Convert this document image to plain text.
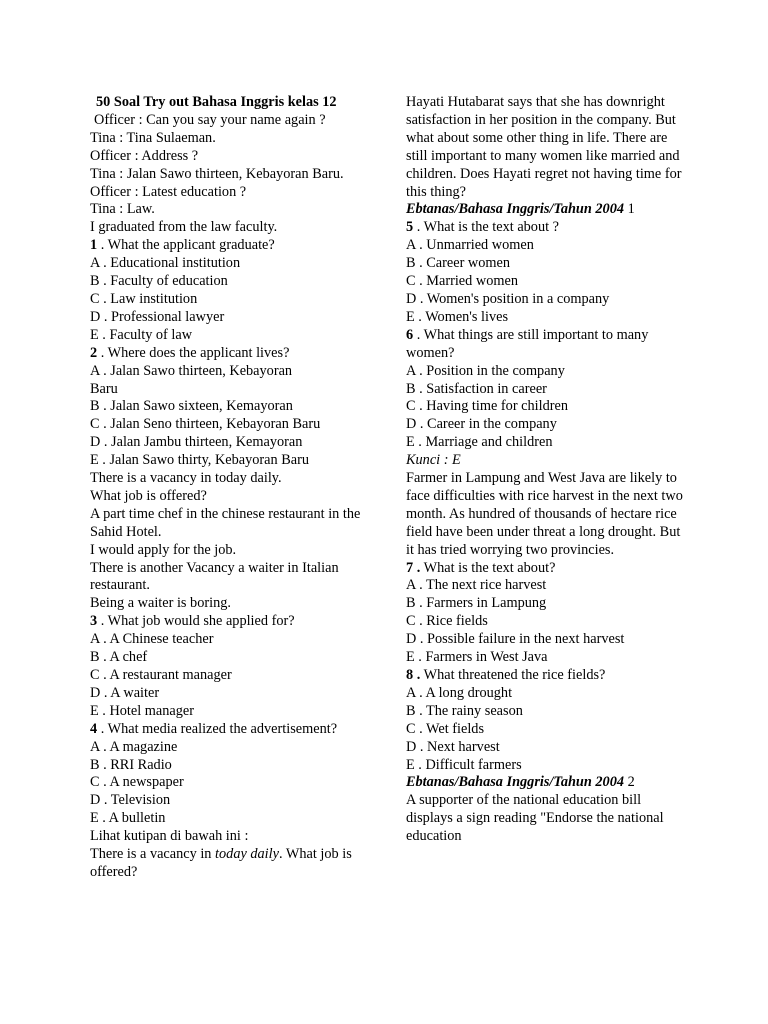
50 Soal Try out Bahasa Inggris kelas 12
Officer : Can you say your name again ?
Tina : Tina Sulaeman.
Officer : Address ?
Tina : Jalan Sawo thirteen, Kebayoran Baru.
Officer : Latest education ?
Tina : Law.
I graduated from the law faculty.
1 . What the applicant graduate?
A . Educational institution
B . Faculty of education
C . Law institution
D . Professional lawyer
E . Faculty of law
2 . Where does the applicant lives?
A . Jalan Sawo thirteen, Kebayoran
Baru
B . Jalan Sawo sixteen, Kemayoran
C . Jalan Seno thirteen, Kebayoran Baru
D . Jalan Jambu thirteen, Kemayoran
E . Jalan Sawo thirty, Kebayoran Baru
There is a vacancy in today daily.
What job is offered?
A part time chef in the chinese restaurant in the Sahid Hotel.
I would apply for the job.
There is another Vacancy a waiter in Italian restaurant.
Being a waiter is boring.
3 . What job would she applied for?
A . A Chinese teacher
B . A chef
C . A restaurant manager
D . A waiter
E . Hotel manager
4 . What media realized the advertisement?
A . A magazine
B . RRI Radio
C . A newspaper
D . Television
E . A bulletin
Lihat kutipan di bawah ini :
There is a vacancy in today daily. What job is offered?
Hayati Hutabarat says that she has downright satisfaction in her position in the company. But
what about some other thing in life. There are still important to many women like married and
children. Does Hayati regret not having time for this thing?
Ebtanas/Bahasa Inggris/Tahun 2004 1
5 . What is the text about ?
A . Unmarried women
B . Career women
C . Married women
D . Women's position in a company
E . Women's lives
6 . What things are still important to many women?
A . Position in the company
B . Satisfaction in career
C . Having time for children
D . Career in the company
E . Marriage and children
Kunci : E
Farmer in Lampung and West Java are likely to face difficulties with rice harvest in the next two
month. As hundred of thousands of hectare rice field have been under threat a long drought. But
it has tried worrying two provincies.
7 . What is the text about?
A . The next rice harvest
B . Farmers in Lampung
C . Rice fields
D . Possible failure in the next harvest
E . Farmers in West Java
8 . What threatened the rice fields?
A . A long drought
B . The rainy season
C . Wet fields
D . Next harvest
E . Difficult farmers
Ebtanas/Bahasa Inggris/Tahun 2004 2
A supporter of the national education bill displays a sign reading "Endorse the national education
